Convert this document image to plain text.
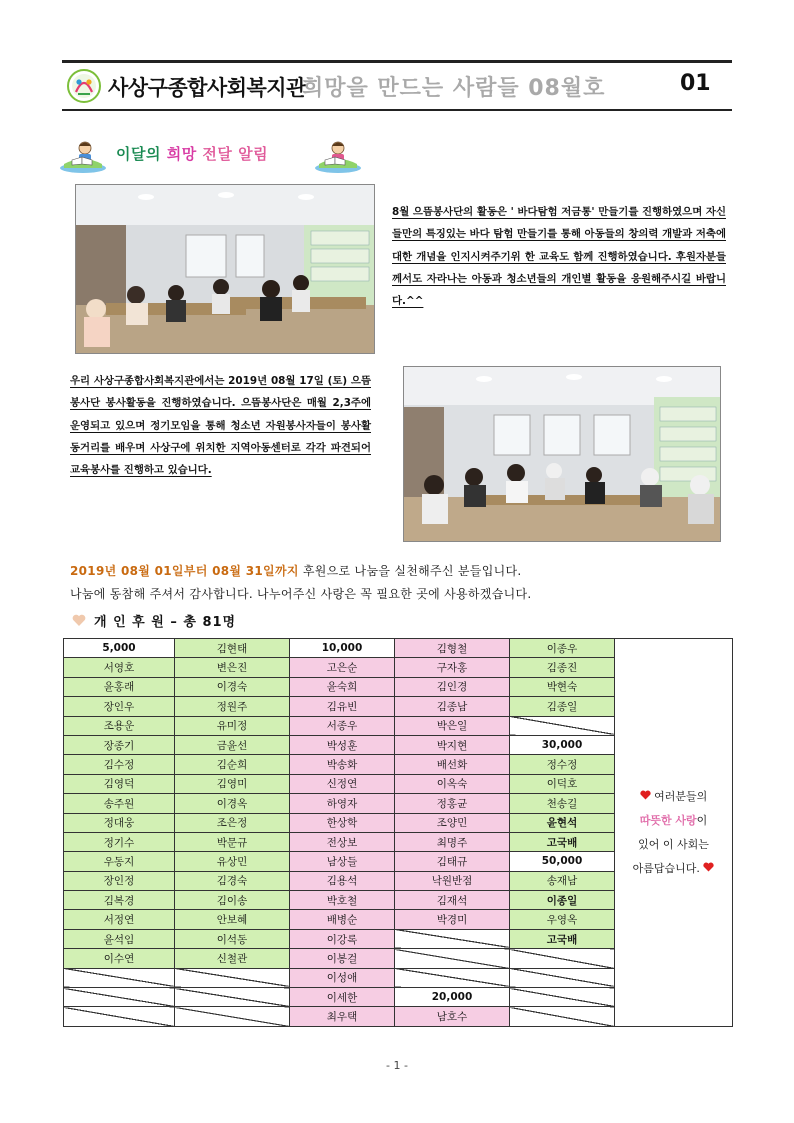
사상구종합사회복지관
희망을 만드는 사람들 08월호	01
이달의 희망 전달 알림
8월 으뜸봉사단의 활동은 ' 바다탐험 저금통' 만들기를 진행하였으며 자신들만의 특징있는 바다 탐험 만들기를 통해 아동들의 창의력 개발과 저축에 대한 개념을 인지시켜주기위 한 교육도 함께 진행하였습니다. 후원자분들께서도 자라나는 아동과 청소년들의 개인별 활동을 응원해주시길 바랍니다.^^
우리 사상구종합사회복지관에서는 2019년 08월 17일 (토) 으뜸봉사단 봉사활동을 진행하였습니다. 으뜸봉사단은 매월 2,3주에 운영되고 있으며 정기모임을 통해 청소년 자원봉사자들이 봉사활동거리를 배우며 사상구에 위치한 지역아동센터로 각각 파견되어 교육봉사를 진행하고 있습니다.
2019년 08월 01일부터 08월 31일까지 후원으로 나눔을 실천해주신 분들입니다.
나눔에 동참해 주셔서 감사합니다. 나누어주신 사랑은 꼭 필요한 곳에 사용하겠습니다.
개 인 후 원 – 총 81명
5,000	김현태	10,000	김형철	이종우	여러분들의
따뜻한 사랑이
있어 이 사회는
아름답습니다.
서영호	변은진	고은순	구자홍	김종진	
윤홍래	이경숙	윤숙희	김인경	박현숙	
장인우	정원주	김유빈	김종남	김종일	
조용운	유미정	서종우	박은일		
장종기	금윤선	박성훈	박지현	30,000	
김수정	김순희	박송화	배선화	정수정	
김영덕	김영미	신정연	이옥숙	이덕호	
송주원	이경옥	하영자	정홍균	천송길	
정대웅	조은정	한상학	조양민	윤현석	
정기수	박문규	전상보	최명주	고국배	
우동지	유상민	남상들	김태규	50,000	
장인정	김경숙	김용석	낙원반점	송재남	
김복경	김이송	박호철	김재석	이종일	
서정연	안보혜	배병순	박경미	우영옥	
윤석임	이석동	이강록		고국배	
이수연	신철관	이봉걸			
		이성애			
		이세한	20,000		
		최우택	남호수		
- 1 -
